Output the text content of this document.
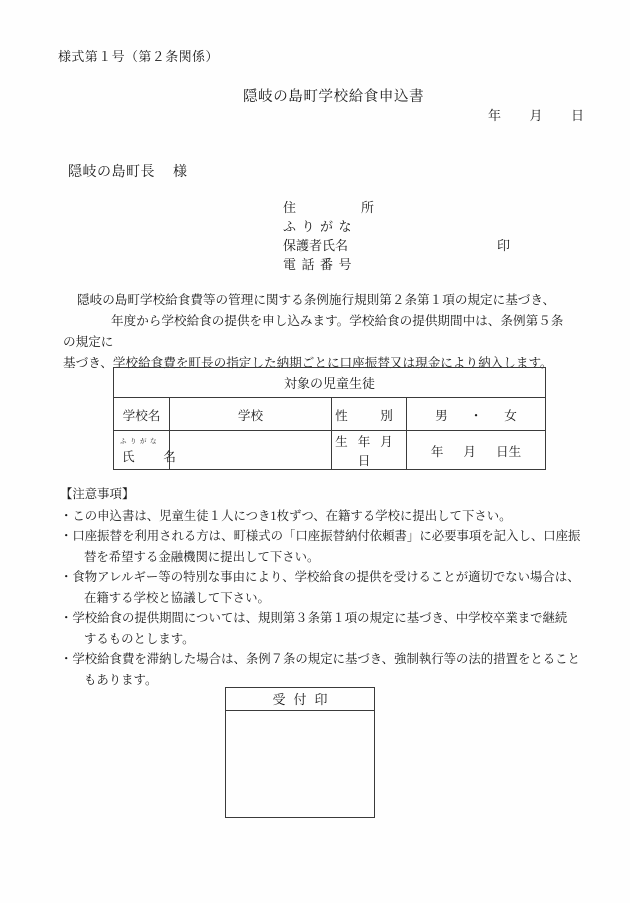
様式第１号（第２条関係）
隠岐の島町学校給食申込書
年 月 日
隠岐の島町長 様
住　　所
ふりがな
保護者氏名	印
電話番号
隠岐の島町学校給食費等の管理に関する条例施行規則第２条第１項の規定に基づき、
年度から学校給食の提供を申し込みます。学校給食の提供期間中は、条例第５条の規定に
基づき、学校給食費を町長の指定した納期ごとに口座振替又は現金により納入します。
対象の児童生徒			
学校名	学校	性　別	男 ・ 女

ふりがな
氏　名		生年月日	年 月 日生
【注意事項】
・この申込書は、児童生徒１人につき1枚ずつ、在籍する学校に提出して下さい。
・口座振替を利用される方は、町様式の「口座振替納付依頼書」に必要事項を記入し、口座振
替を希望する金融機関に提出して下さい。
・食物アレルギー等の特別な事由により、学校給食の提供を受けることが適切でない場合は、
在籍する学校と協議して下さい。
・学校給食の提供期間については、規則第３条第１項の規定に基づき、中学校卒業まで継続
するものとします。
・学校給食費を滞納した場合は、条例７条の規定に基づき、強制執行等の法的措置をとること
もあります。
受付印
